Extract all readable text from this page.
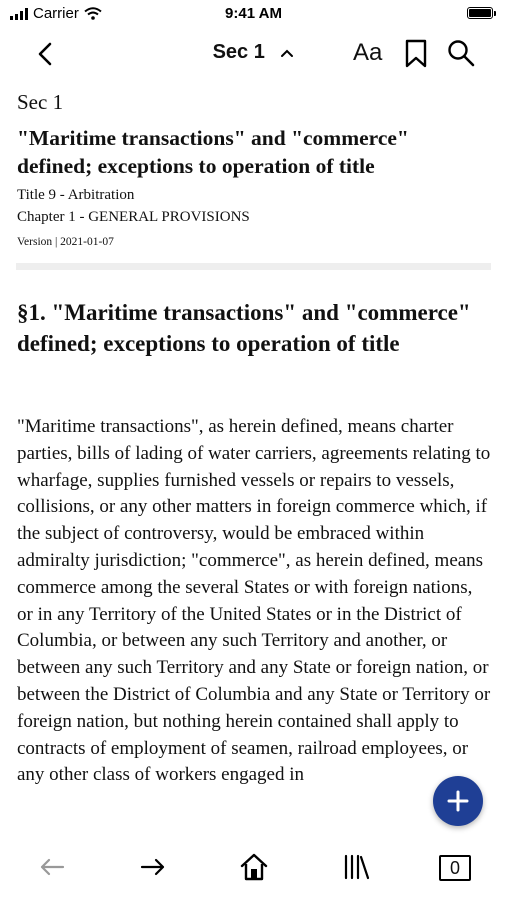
Carrier	9:41 AM
Sec 1	Aa
Sec 1
"Maritime transactions" and "commerce" defined; exceptions to operation of title
Title 9 - Arbitration
Chapter 1 - GENERAL PROVISIONS
Version | 2021-01-07
§1. "Maritime transactions" and "commerce" defined; exceptions to operation of title
"Maritime transactions", as herein defined, means charter parties, bills of lading of water carriers, agreements relating to wharfage, supplies furnished vessels or repairs to vessels, collisions, or any other matters in foreign commerce which, if the subject of controversy, would be embraced within admiralty jurisdiction; "commerce", as herein defined, means commerce among the several States or with foreign nations, or in any Territory of the United States or in the District of Columbia, or between any such Territory and another, or between any such Territory and any State or foreign nation, or between the District of Columbia and any State or Territory or foreign nation, but nothing herein contained shall apply to contracts of employment of seamen, railroad employees, or any other class of workers engaged in
0
